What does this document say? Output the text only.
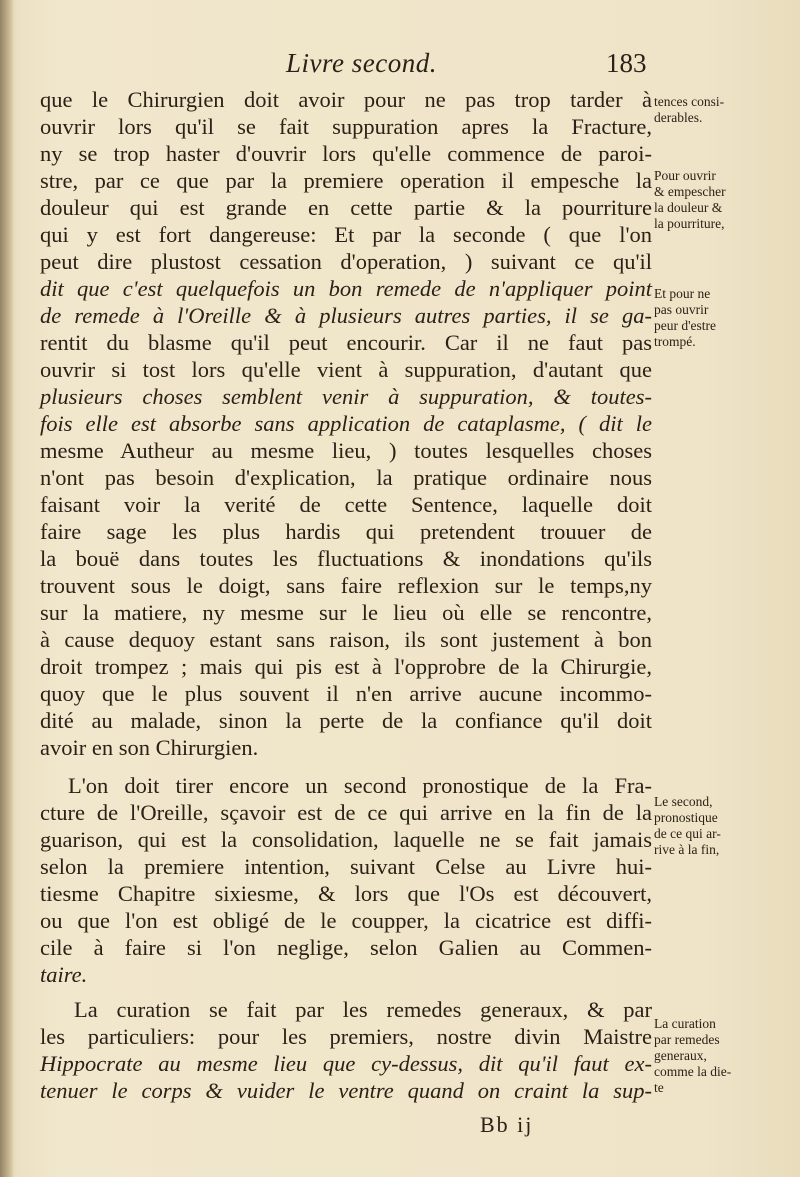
Livre second.	183
que le Chirurgien doit avoir pour ne pas trop tarder à
ouvrir lors qu'il se fait suppuration apres la Fracture,
ny se trop haster d'ouvrir lors qu'elle commence de paroi-
stre, par ce que par la premiere operation il empesche la
douleur qui est grande en cette partie & la pourriture
qui y est fort dangereuse: Et par la seconde ( que l'on
peut dire plustost cessation d'operation, ) suivant ce qu'il
dit que c'est quelquefois un bon remede de n'appliquer point
de remede à l'Oreille & à plusieurs autres parties, il se ga-
rentit du blasme qu'il peut encourir. Car il ne faut pas
ouvrir si tost lors qu'elle vient à suppuration, d'autant que
plusieurs choses semblent venir à suppuration, & toutes-
fois elle est absorbe sans application de cataplasme, ( dit le
mesme Autheur au mesme lieu, ) toutes lesquelles choses
n'ont pas besoin d'explication, la pratique ordinaire nous
faisant voir la verité de cette Sentence, laquelle doit
faire sage les plus hardis qui pretendent trouuer de
la bouë dans toutes les fluctuations & inondations qu'ils
trouvent sous le doigt, sans faire reflexion sur le temps,ny
sur la matiere, ny mesme sur le lieu où elle se rencontre,
à cause dequoy estant sans raison, ils sont justement à bon
droit trompez ; mais qui pis est à l'opprobre de la Chirurgie,
quoy que le plus souvent il n'en arrive aucune incommo-
dité au malade, sinon la perte de la confiance qu'il doit
avoir en son Chirurgien.
L'on doit tirer encore un second pronostique de la Fra-
cture de l'Oreille, sçavoir est de ce qui arrive en la fin de la
guarison, qui est la consolidation, laquelle ne se fait jamais
selon la premiere intention, suivant Celse au Livre hui-
tiesme Chapitre sixiesme, & lors que l'Os est découvert,
ou que l'on est obligé de le coupper, la cicatrice est diffi-
cile à faire si l'on neglige, selon Galien au Commen-
taire.
La curation se fait par les remedes generaux, & par
les particuliers: pour les premiers, nostre divin Maistre
Hippocrate au mesme lieu que cy-dessus, dit qu'il faut ex-
tenuer le corps & vuider le ventre quand on craint la sup-
tences consi-
derables.
Pour ouvrir
& empescher
la douleur &
la pourriture,
Et pour ne
pas ouvrir
peur d'estre
trompé.
Le second,
pronostique
de ce qui ar-
rive à la fin,
La curation
par remedes
generaux,
comme la die-
te
Bb ij
